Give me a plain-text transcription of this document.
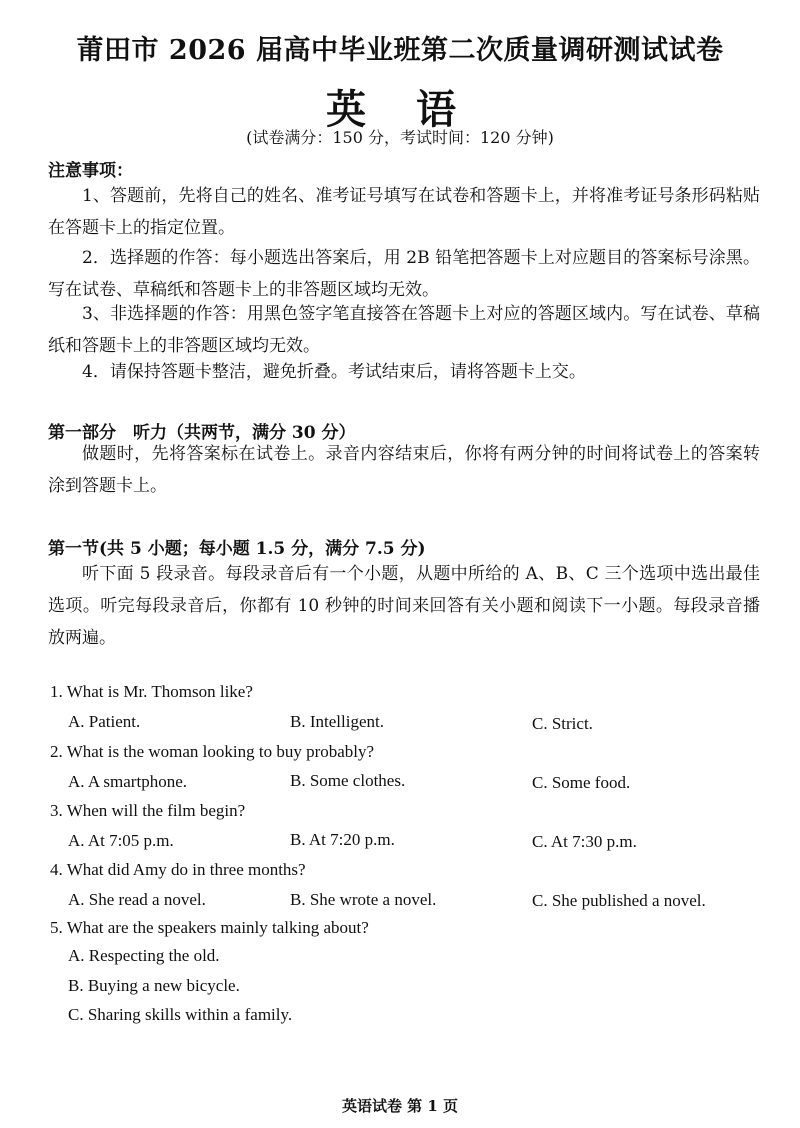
莆田市 2026 届高中毕业班第二次质量调研测试试卷
英 语
(试卷满分：150 分，考试时间：120 分钟)
注意事项：
1、答题前，先将自己的姓名、准考证号填写在试卷和答题卡上，并将准考证号条形码粘贴在答题卡上的指定位置。
2．选择题的作答：每小题选出答案后，用 2B 铅笔把答题卡上对应题目的答案标号涂黑。写在试卷、草稿纸和答题卡上的非答题区域均无效。
3、非选择题的作答：用黑色签字笔直接答在答题卡上对应的答题区域内。写在试卷、草稿纸和答题卡上的非答题区域均无效。
4．请保持答题卡整洁，避免折叠。考试结束后，请将答题卡上交。
第一部分　听力（共两节，满分 30 分）
做题时，先将答案标在试卷上。录音内容结束后，你将有两分钟的时间将试卷上的答案转涂到答题卡上。
第一节(共 5 小题；每小题 1.5 分，满分 7.5 分)
听下面 5 段录音。每段录音后有一个小题，从题中所给的 A、B、C 三个选项中选出最佳选项。听完每段录音后，你都有 10 秒钟的时间来回答有关小题和阅读下一小题。每段录音播放两遍。
1. What is Mr. Thomson like?
A. Patient.	B. Intelligent.	C. Strict.
2. What is the woman looking to buy probably?
A. A smartphone.	B. Some clothes.	C. Some food.
3. When will the film begin?
A. At 7:05 p.m.	B. At 7:20 p.m.	C. At 7:30 p.m.
4. What did Amy do in three months?
A. She read a novel.	B. She wrote a novel.	C. She published a novel.
5. What are the speakers mainly talking about?
A. Respecting the old.
B. Buying a new bicycle.
C. Sharing skills within a family.
英语试卷 第 1 页
